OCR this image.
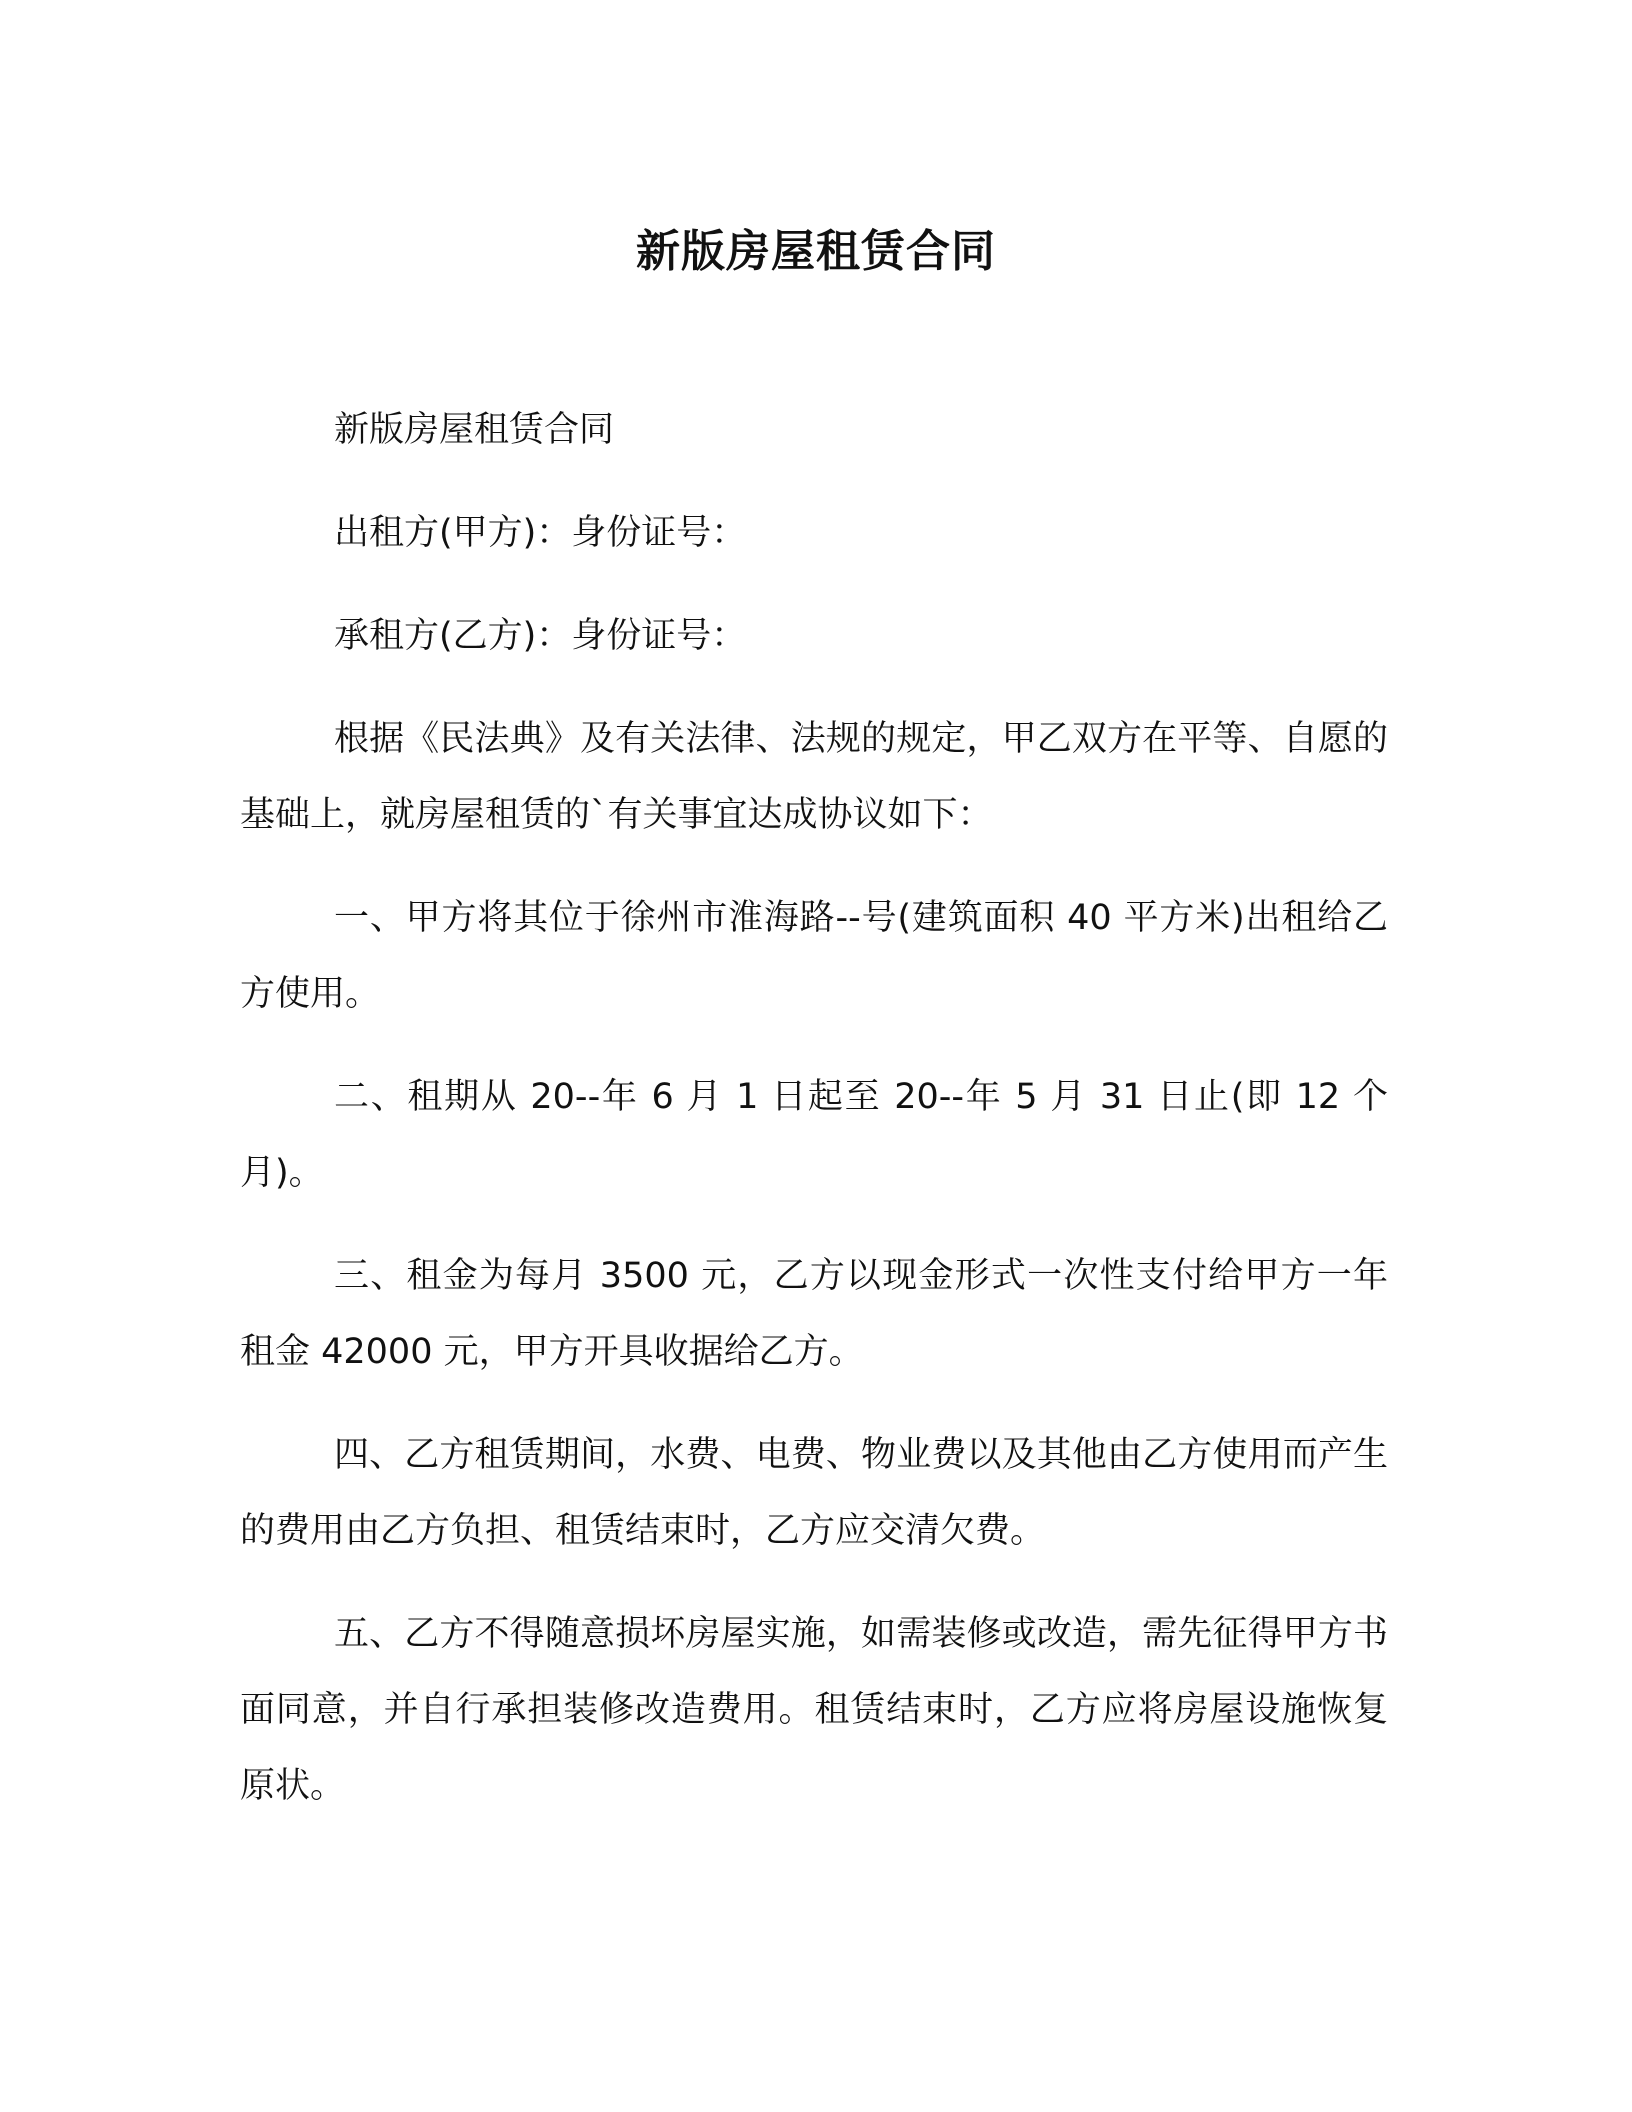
新版房屋租赁合同

新版房屋租赁合同

出租方(甲方)：身份证号：

承租方(乙方)：身份证号：

根据《民法典》及有关法律、法规的规定，甲乙双方在平等、自愿的基础上，就房屋租赁的`有关事宜达成协议如下：

一、甲方将其位于徐州市淮海路--号(建筑面积 40 平方米)出租给乙方使用。

二、租期从 20--年 6 月 1 日起至 20--年 5 月 31 日止(即 12 个月)。

三、租金为每月 3500 元，乙方以现金形式一次性支付给甲方一年租金 42000 元，甲方开具收据给乙方。

四、乙方租赁期间，水费、电费、物业费以及其他由乙方使用而产生的费用由乙方负担、租赁结束时，乙方应交清欠费。

五、乙方不得随意损坏房屋实施，如需装修或改造，需先征得甲方书面同意，并自行承担装修改造费用。租赁结束时，乙方应将房屋设施恢复原状。
